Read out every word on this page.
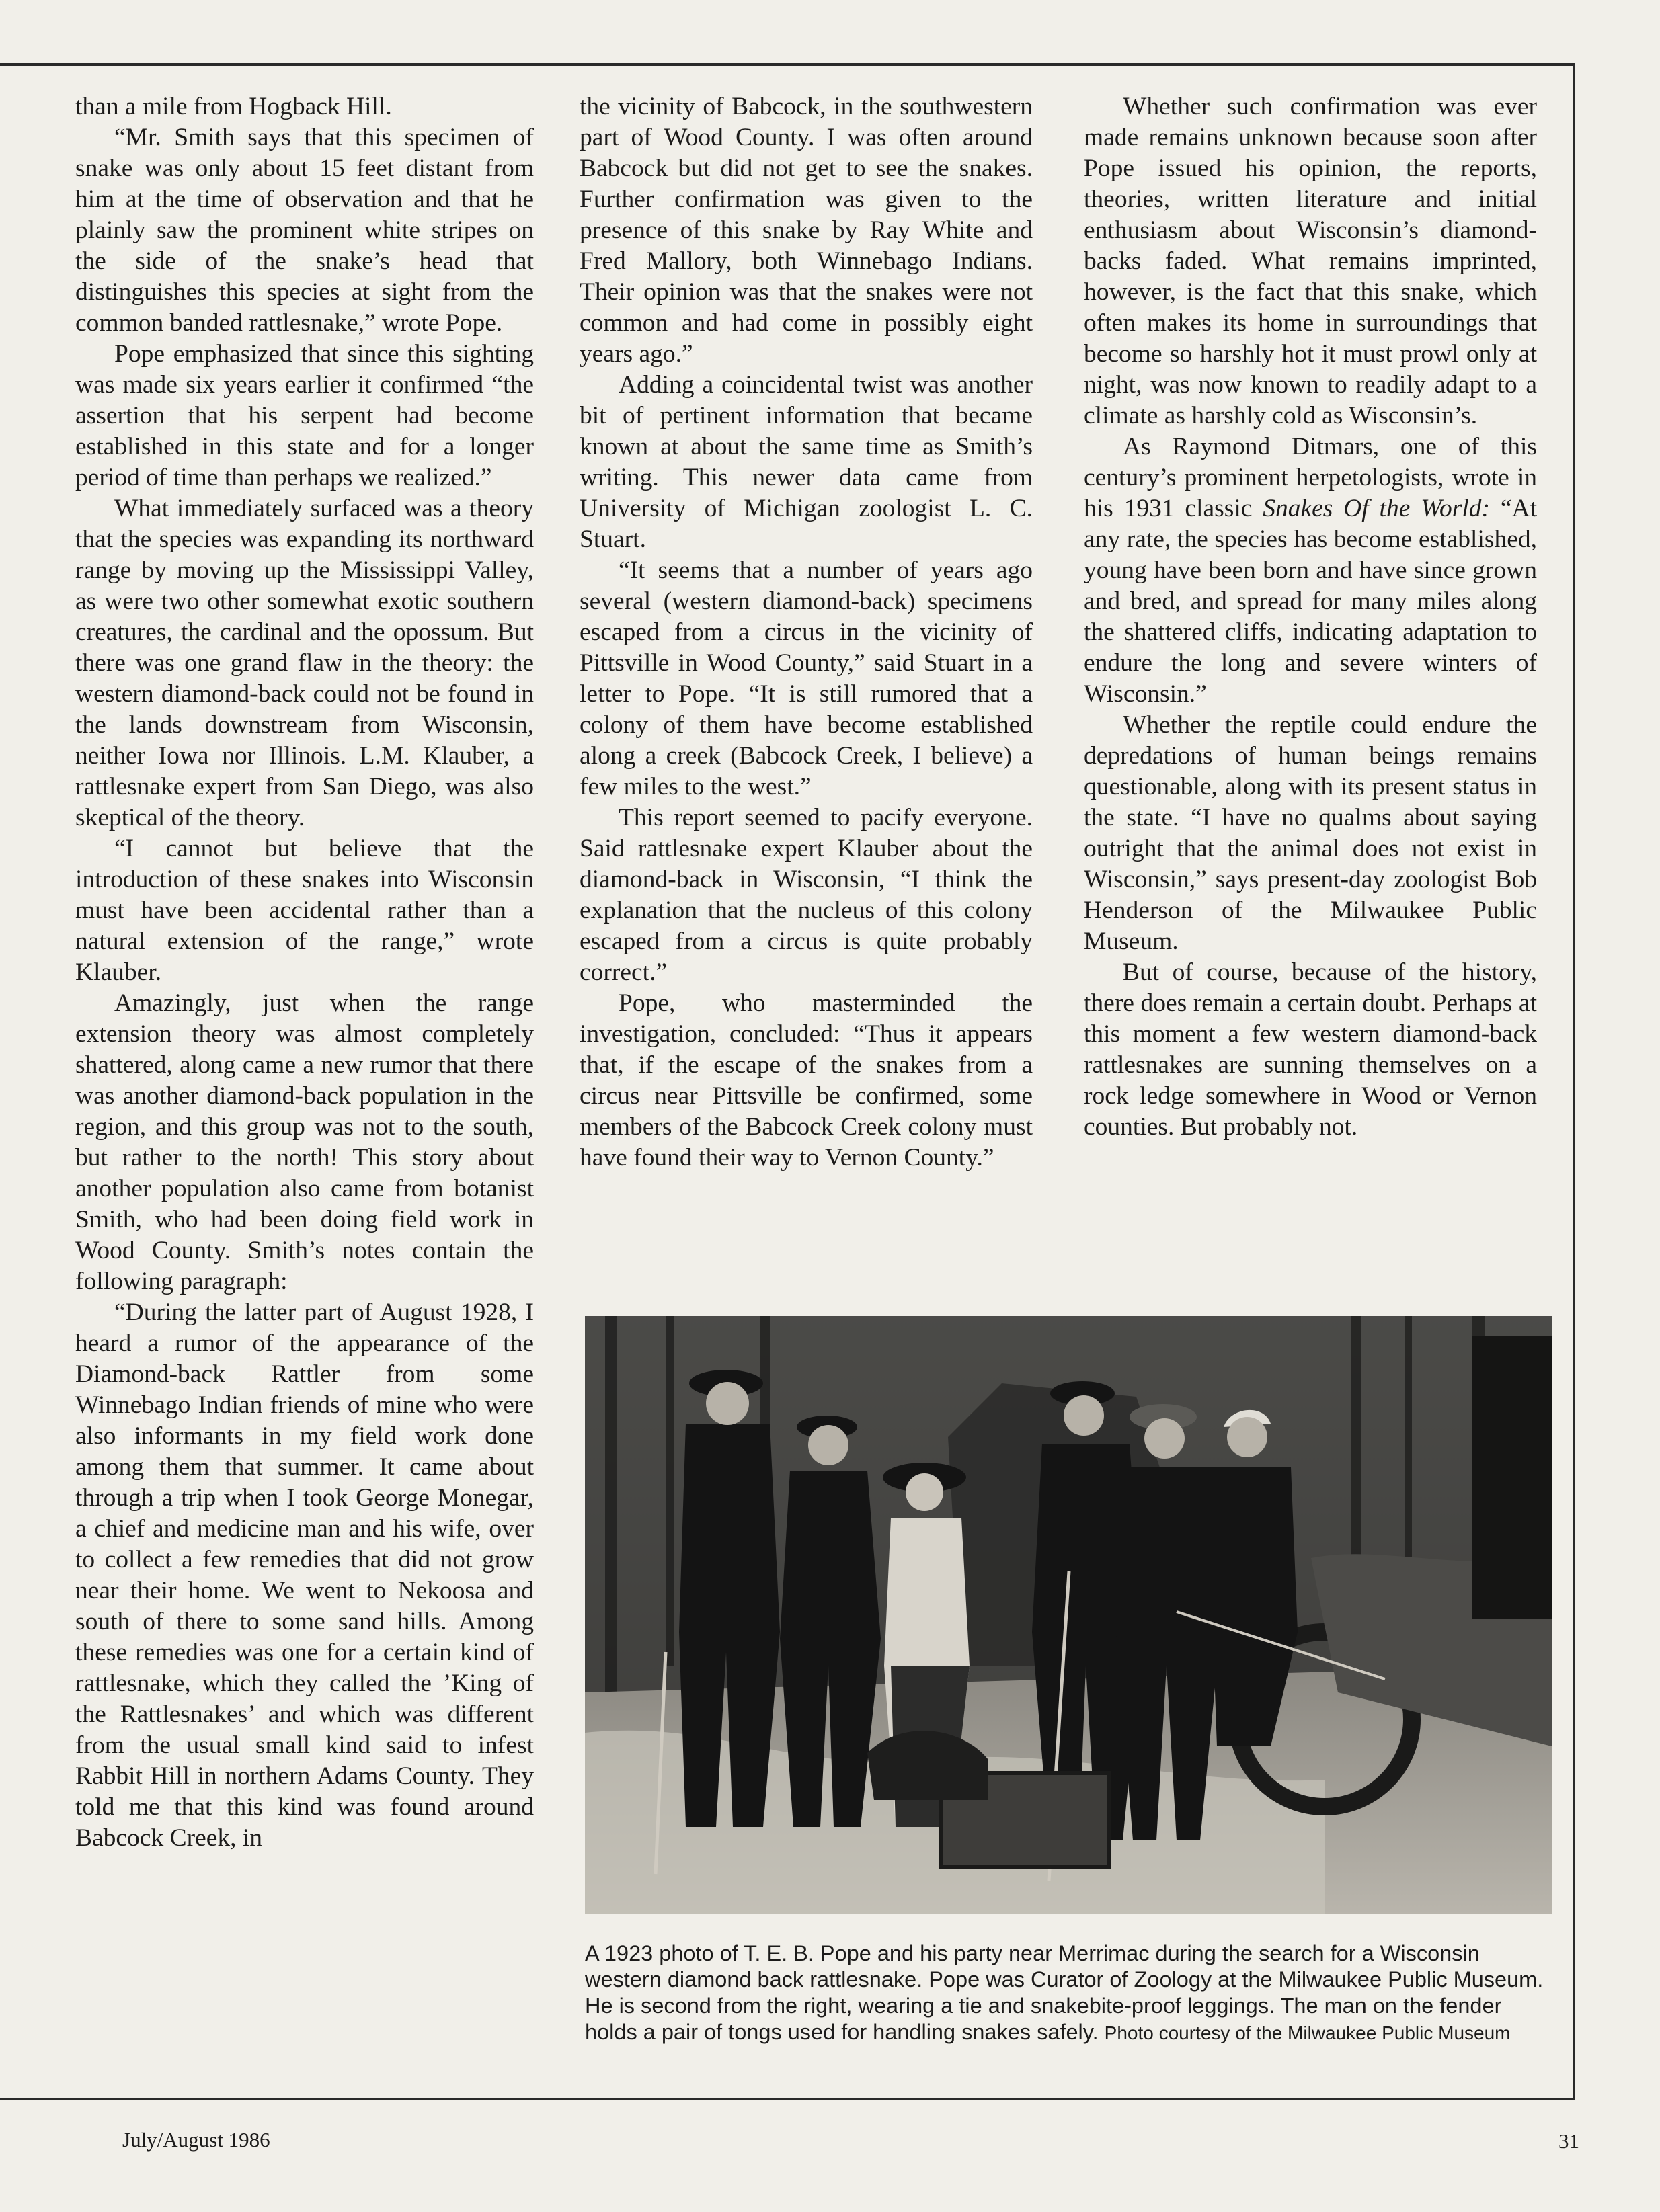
than a mile from Hogback Hill.

“Mr. Smith says that this specimen of snake was only about 15 feet distant from him at the time of observation and that he plainly saw the prominent white stripes on the side of the snake’s head that distinguishes this species at sight from the common banded rattlesnake,” wrote Pope.

Pope emphasized that since this sighting was made six years earlier it confirmed “the assertion that his serpent had become established in this state and for a longer period of time than perhaps we realized.”

What immediately surfaced was a theory that the species was expanding its northward range by moving up the Mississippi Valley, as were two other somewhat exotic southern creatures, the cardinal and the opossum. But there was one grand flaw in the theory: the western diamond-back could not be found in the lands downstream from Wisconsin, neither Iowa nor Illinois. L.M. Klauber, a rattlesnake expert from San Diego, was also skeptical of the theory.

“I cannot but believe that the introduction of these snakes into Wisconsin must have been accidental rather than a natural extension of the range,” wrote Klauber.

Amazingly, just when the range extension theory was almost completely shattered, along came a new rumor that there was another diamond-back population in the region, and this group was not to the south, but rather to the north! This story about another population also came from botanist Smith, who had been doing field work in Wood County. Smith’s notes contain the following paragraph:

“During the latter part of August 1928, I heard a rumor of the appearance of the Diamond-back Rattler from some Winnebago Indian friends of mine who were also informants in my field work done among them that summer. It came about through a trip when I took George Monegar, a chief and medicine man and his wife, over to collect a few remedies that did not grow near their home. We went to Nekoosa and south of there to some sand hills. Among these remedies was one for a certain kind of rattlesnake, which they called the ’King of the Rattlesnakes’ and which was different from the usual small kind said to infest Rabbit Hill in northern Adams County. They told me that this kind was found around Babcock Creek, in

the vicinity of Babcock, in the southwestern part of Wood County. I was often around Babcock but did not get to see the snakes. Further confirmation was given to the presence of this snake by Ray White and Fred Mallory, both Winnebago Indians. Their opinion was that the snakes were not common and had come in possibly eight years ago.”

Adding a coincidental twist was another bit of pertinent information that became known at about the same time as Smith’s writing. This newer data came from University of Michigan zoologist L. C. Stuart.

“It seems that a number of years ago several (western diamond-back) specimens escaped from a circus in the vicinity of Pittsville in Wood County,” said Stuart in a letter to Pope. “It is still rumored that a colony of them have become established along a creek (Babcock Creek, I believe) a few miles to the west.”

This report seemed to pacify everyone. Said rattlesnake expert Klauber about the diamond-back in Wisconsin, “I think the explanation that the nucleus of this colony escaped from a circus is quite probably correct.”

Pope, who masterminded the investigation, concluded: “Thus it appears that, if the escape of the snakes from a circus near Pittsville be confirmed, some members of the Babcock Creek colony must have found their way to Vernon County.”

Whether such confirmation was ever made remains unknown because soon after Pope issued his opinion, the reports, theories, written literature and initial enthusiasm about Wisconsin’s diamond-backs faded. What remains imprinted, however, is the fact that this snake, which often makes its home in surroundings that become so harshly hot it must prowl only at night, was now known to readily adapt to a climate as harshly cold as Wisconsin’s.

As Raymond Ditmars, one of this century’s prominent herpetologists, wrote in his 1931 classic Snakes Of the World: “At any rate, the species has become established, young have been born and have since grown and bred, and spread for many miles along the shattered cliffs, indicating adaptation to endure the long and severe winters of Wisconsin.”

Whether the reptile could endure the depredations of human beings remains questionable, along with its present status in the state. “I have no qualms about saying outright that the animal does not exist in Wisconsin,” says present-day zoologist Bob Henderson of the Milwaukee Public Museum.

But of course, because of the history, there does remain a certain doubt. Perhaps at this moment a few western diamond-back rattlesnakes are sunning themselves on a rock ledge somewhere in Wood or Vernon counties. But probably not.

A 1923 photo of T. E. B. Pope and his party near Merrimac during the search for a Wisconsin western diamond back rattlesnake. Pope was Curator of Zoology at the Milwaukee Public Museum. He is second from the right, wearing a tie and snakebite-proof leggings. The man on the fender holds a pair of tongs used for handling snakes safely. Photo courtesy of the Milwaukee Public Museum
July/August 1986	31
